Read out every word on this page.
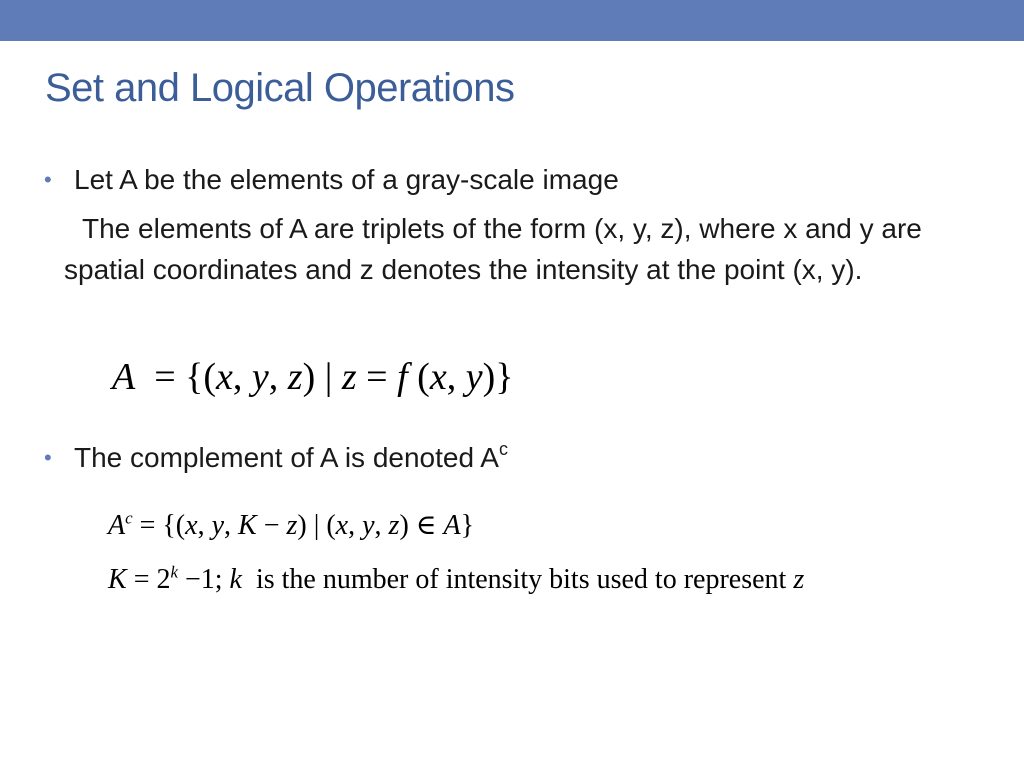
Set and Logical Operations
• Let A be the elements of a gray-scale image
The elements of A are triplets of the form (x, y, z), where x and y are spatial coordinates and z denotes the intensity at the point (x, y).
A  = {(x, y, z) | z = f (x, y)}
• The complement of A is denoted $A^c$
$A^c = \{(x$, y, K − z) | (x, y, z) ∈ A}
$K = 2^k -1$; k is the number of intensity bits used to represent z
